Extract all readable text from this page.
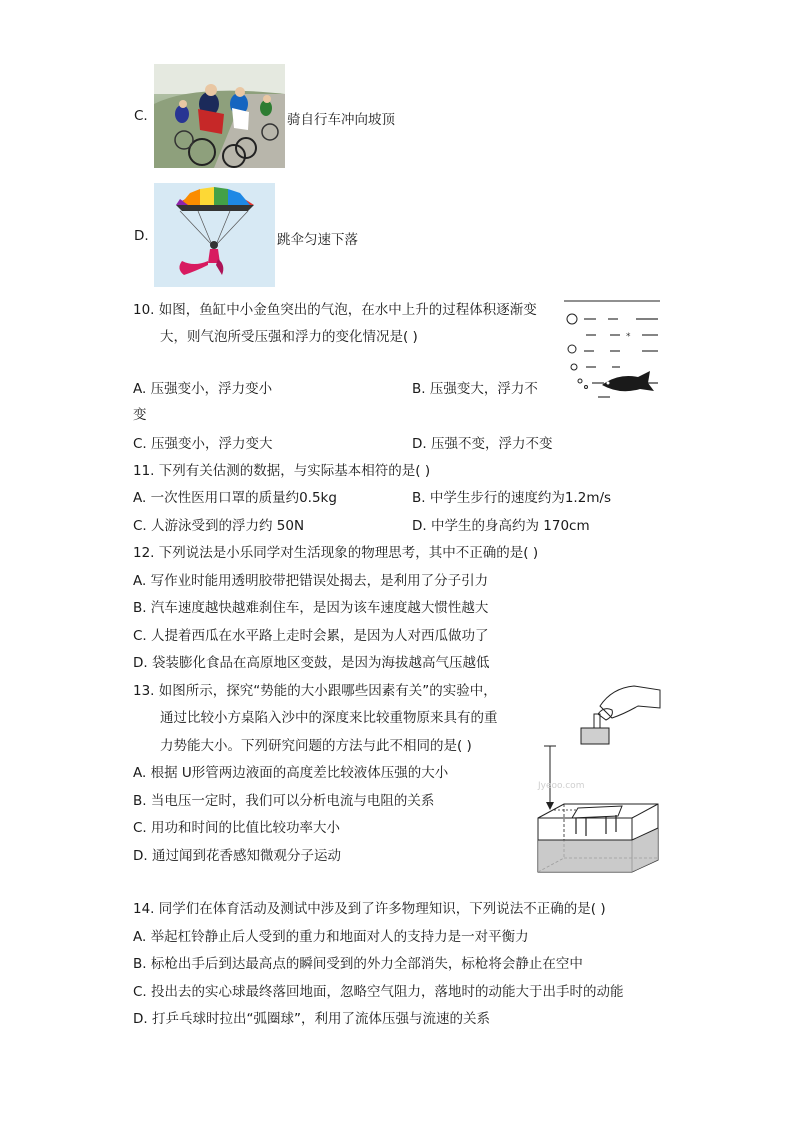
C.	骑自行车冲向坡顶
D.	跳伞匀速下落
10. 如图，鱼缸中小金鱼突出的气泡，在水中上升的过程体积逐渐变
大，则气泡所受压强和浮力的变化情况是( )
A. 压强变小，浮力变小	B. 压强变大，浮力不
变
C. 压强变小，浮力变大	D. 压强不变，浮力不变
*
11. 下列有关估测的数据，与实际基本相符的是( )
A. 一次性医用口罩的质量约0.5kg	B. 中学生步行的速度约为1.2m/s
C. 人游泳受到的浮力约 50N	D. 中学生的身高约为 170cm
12. 下列说法是小乐同学对生活现象的物理思考，其中不正确的是( )
A. 写作业时能用透明胶带把错误处揭去，是利用了分子引力
B. 汽车速度越快越难刹住车，是因为该车速度越大惯性越大
C. 人提着西瓜在水平路上走时会累，是因为人对西瓜做功了
D. 袋装膨化食品在高原地区变鼓，是因为海拔越高气压越低
13. 如图所示，探究“势能的大小跟哪些因素有关”的实验中，
通过比较小方桌陷入沙中的深度来比较重物原来具有的重
力势能大小。下列研究问题的方法与此不相同的是( )
A. 根据 U形管两边液面的高度差比较液体压强的大小
B. 当电压一定时，我们可以分析电流与电阻的关系
C. 用功和时间的比值比较功率大小
D. 通过闻到花香感知微观分子运动
Jyeoo.com
14. 同学们在体育活动及测试中涉及到了许多物理知识，下列说法不正确的是( )
A. 举起杠铃静止后人受到的重力和地面对人的支持力是一对平衡力
B. 标枪出手后到达最高点的瞬间受到的外力全部消失，标枪将会静止在空中
C. 投出去的实心球最终落回地面，忽略空气阻力，落地时的动能大于出手时的动能
D. 打乒乓球时拉出“弧圈球”，利用了流体压强与流速的关系
